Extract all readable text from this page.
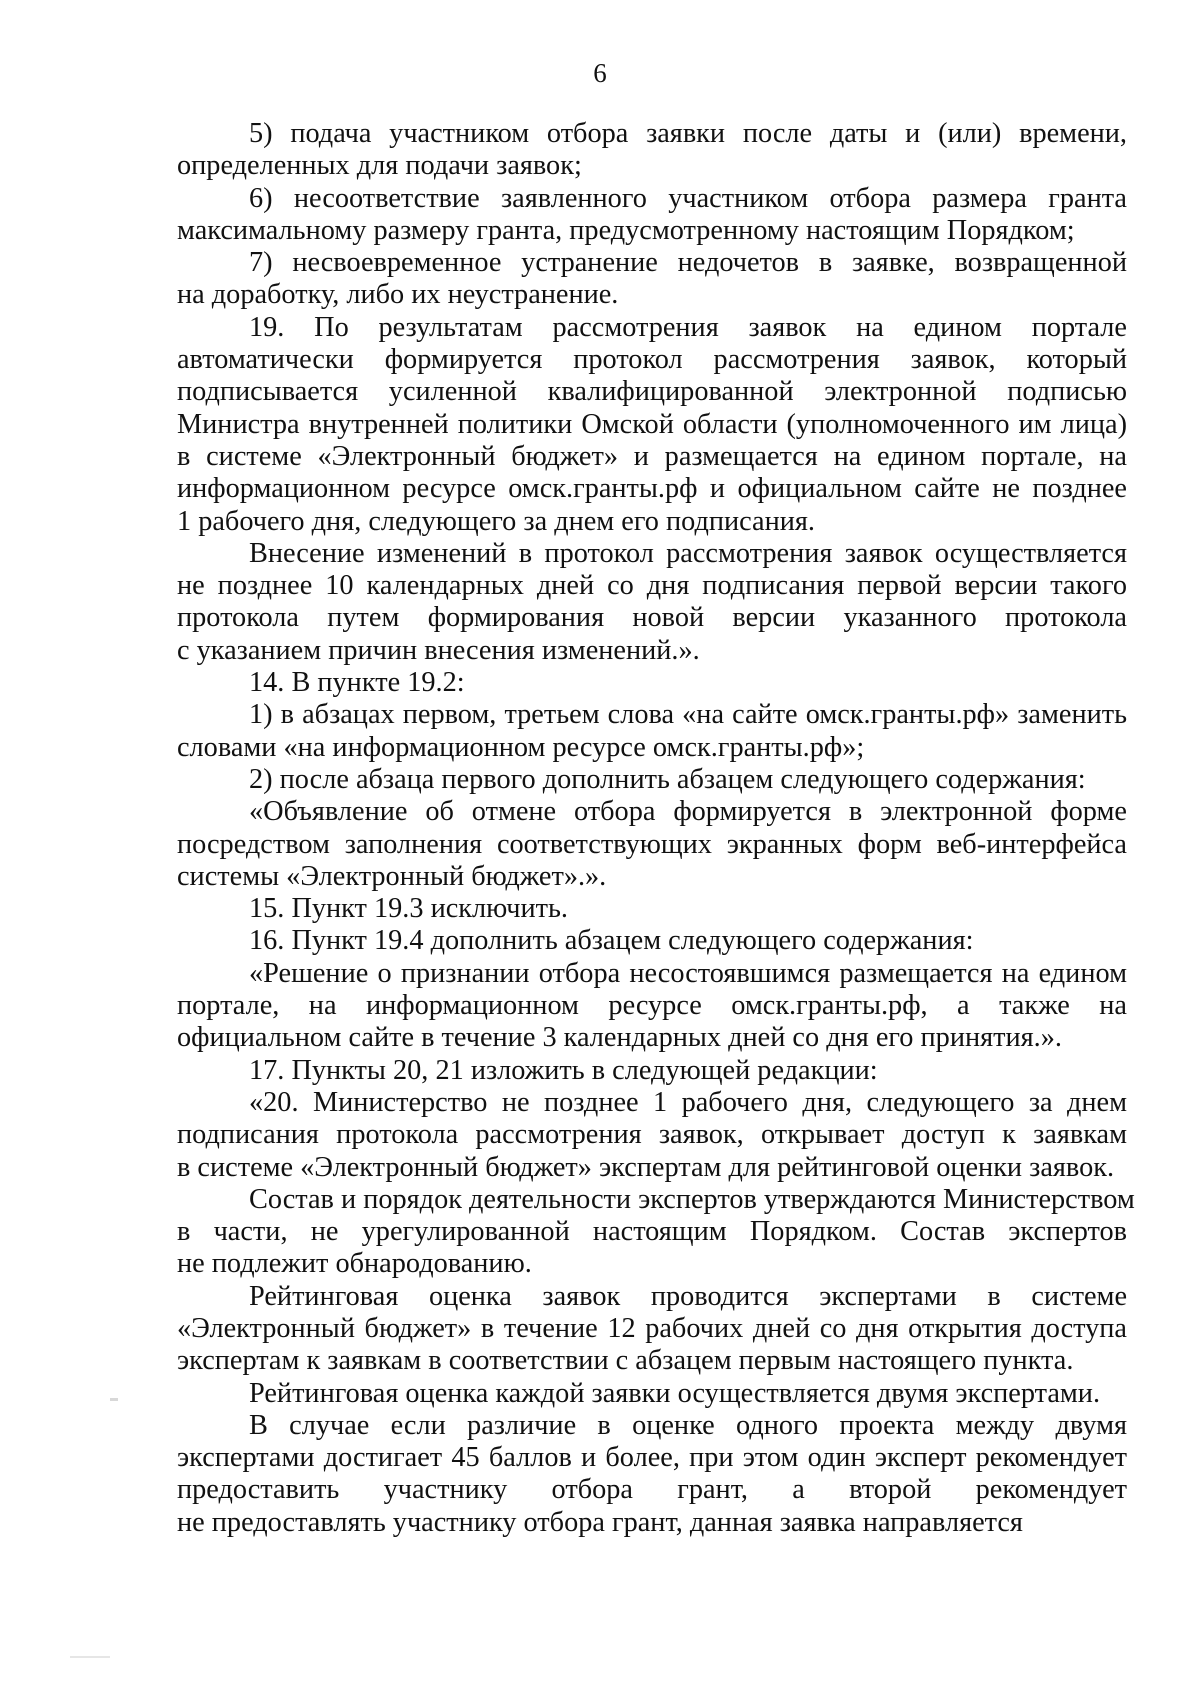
6
5) подача участником отбора заявки после даты и (или) времени,
определенных для подачи заявок;
6) несоответствие заявленного участником отбора размера гранта
максимальному размеру гранта, предусмотренному настоящим Порядком;
7) несвоевременное устранение недочетов в заявке, возвращенной
на доработку, либо их неустранение.
19. По результатам рассмотрения заявок на едином портале
автоматически формируется протокол рассмотрения заявок, который
подписывается усиленной квалифицированной электронной подписью
Министра внутренней политики Омской области (уполномоченного им лица)
в системе «Электронный бюджет» и размещается на едином портале, на
информационном ресурсе омск.гранты.рф и официальном сайте не позднее
1 рабочего дня, следующего за днем его подписания.
Внесение изменений в протокол рассмотрения заявок осуществляется
не позднее 10 календарных дней со дня подписания первой версии такого
протокола путем формирования новой версии указанного протокола
с указанием причин внесения изменений.».
14. В пункте 19.2:
1) в абзацах первом, третьем слова «на сайте омск.гранты.рф» заменить
словами «на информационном ресурсе омск.гранты.рф»;
2) после абзаца первого дополнить абзацем следующего содержания:
«Объявление об отмене отбора формируется в электронной форме
посредством заполнения соответствующих экранных форм веб-интерфейса
системы «Электронный бюджет».».
15. Пункт 19.3 исключить.
16. Пункт 19.4 дополнить абзацем следующего содержания:
«Решение о признании отбора несостоявшимся размещается на едином
портале, на информационном ресурсе омск.гранты.рф, а также на
официальном сайте в течение 3 календарных дней со дня его принятия.».
17. Пункты 20, 21 изложить в следующей редакции:
«20. Министерство не позднее 1 рабочего дня, следующего за днем
подписания протокола рассмотрения заявок, открывает доступ к заявкам
в системе «Электронный бюджет» экспертам для рейтинговой оценки заявок.
Состав и порядок деятельности экспертов утверждаются Министерством
в части, не урегулированной настоящим Порядком. Состав экспертов
не подлежит обнародованию.
Рейтинговая оценка заявок проводится экспертами в системе
«Электронный бюджет» в течение 12 рабочих дней со дня открытия доступа
экспертам к заявкам в соответствии с абзацем первым настоящего пункта.
Рейтинговая оценка каждой заявки осуществляется двумя экспертами.
В случае если различие в оценке одного проекта между двумя
экспертами достигает 45 баллов и более, при этом один эксперт рекомендует
предоставить участнику отбора грант, а второй рекомендует
не предоставлять участнику отбора грант, данная заявка направляется
